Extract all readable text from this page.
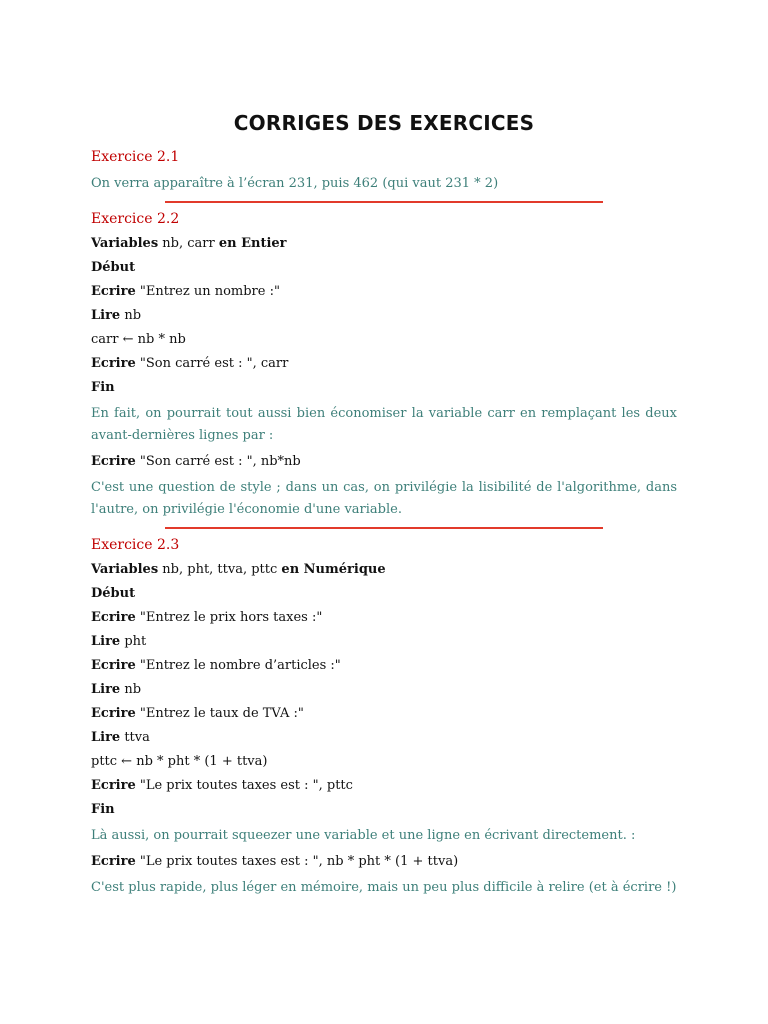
CORRIGES DES EXERCICES

Exercice 2.1

On verra apparaître à l’écran 231, puis 462 (qui vaut 231 * 2)

Exercice 2.2

Variables nb, carr en Entier

Début

Ecrire "Entrez un nombre :"

Lire nb

carr ← nb * nb

Ecrire "Son carré est : ", carr

Fin

En fait, on pourrait tout aussi bien économiser la variable carr en remplaçant les deux avant-dernières lignes par :

Ecrire "Son carré est : ", nb*nb

C'est une question de style ; dans un cas, on privilégie la lisibilité de l'algorithme, dans l'autre, on privilégie l'économie d'une variable.

Exercice 2.3

Variables nb, pht, ttva, pttc en Numérique

Début

Ecrire "Entrez le prix hors taxes :"

Lire pht

Ecrire "Entrez le nombre d’articles :"

Lire nb

Ecrire "Entrez le taux de TVA :"

Lire ttva

pttc ← nb * pht * (1 + ttva)

Ecrire "Le prix toutes taxes est : ", pttc

Fin

Là aussi, on pourrait squeezer une variable et une ligne en écrivant directement. :

Ecrire "Le prix toutes taxes est : ", nb * pht * (1 + ttva)

C'est plus rapide, plus léger en mémoire, mais un peu plus difficile à relire (et à écrire !)
